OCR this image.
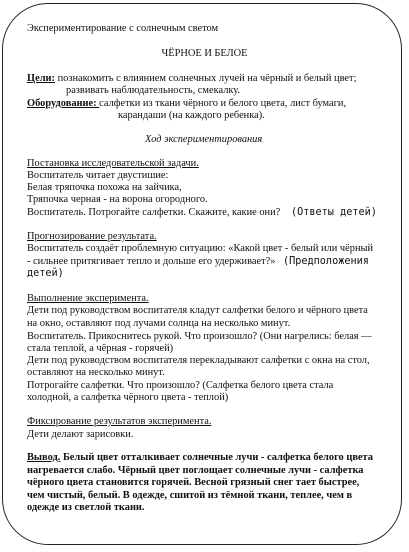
Экспериментирование с солнечным светом
ЧЁРНОЕ И БЕЛОЕ
Цели: познакомить с влиянием солнечных лучей на чёрный и белый цвет;
развивать наблюдательность, смекалку.
Оборудование: салфетки из ткани чёрного и белого цвета, лист бумаги,
карандаши (на каждого ребенка).
Ход экспериментирования
Постановка исследовательской задачи.
Воспитатель читает двустишие:
Белая тряпочка похожа на зайчика,
Тряпочка черная - на ворона огородного.
Воспитатель. Потрогайте салфетки. Скажите, какие они? (Ответы детей)
Прогнозирование результата.
Воспитатель создаёт проблемную ситуацию: «Какой цвет - белый или чёрный
- сильнее притягивает тепло и дольше его удерживает?» (Предположения
детей)
Выполнение эксперимента.
Дети под руководством воспитателя кладут салфетки белого и чёрного цвета
на окно, оставляют под лучами солнца на несколько минут.
Воспитатель. Прикоснитесь рукой. Что произошло? (Они нагрелись: белая —
стала теплой, а чёрная - горячей)
Дети под руководством воспитателя перекладывают салфетки с окна на стол,
оставляют на несколько минут.
Потрогайте салфетки. Что произошло? (Салфетка белого цвета стала
холодной, а салфетка чёрного цвета - теплой)
Фиксирование результатов эксперимента.
Дети делают зарисовки.
Вывод. Белый цвет отталкивает солнечные лучи - салфетка белого цвета
нагревается слабо. Чёрный цвет поглощает солнечные лучи - салфетка
чёрного цвета становится горячей. Весной грязный снег тает быстрее,
чем чистый, белый. В одежде, сшитой из тёмной ткани, теплее, чем в
одежде из светлой ткани.
